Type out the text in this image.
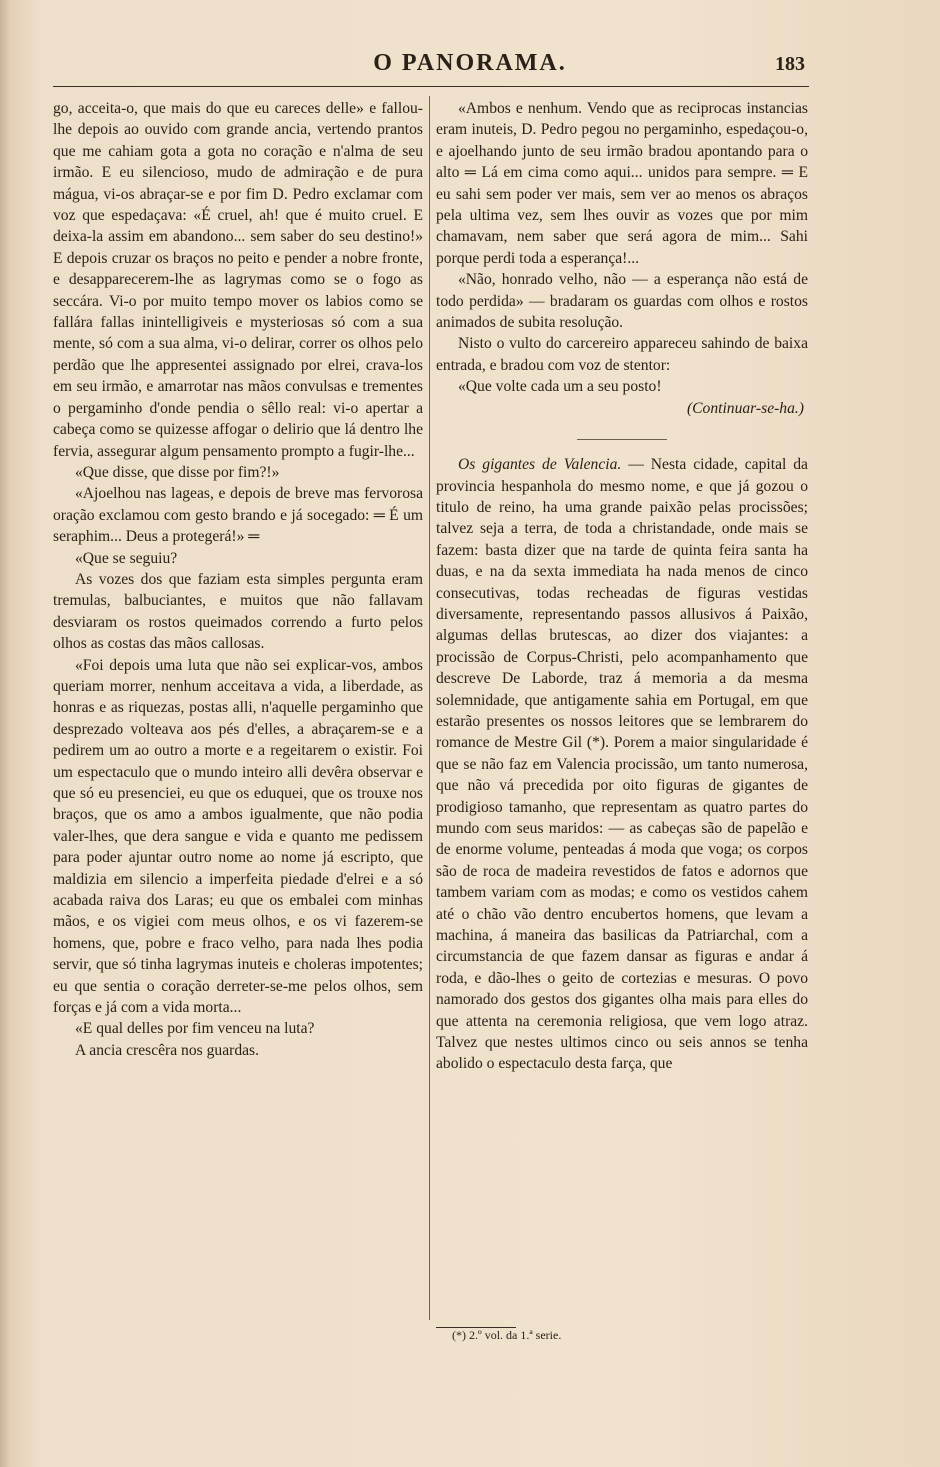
O PANORAMA.	183

go, acceita-o, que mais do que eu careces delle» e fallou-lhe depois ao ouvido com grande ancia, vertendo prantos que me cahiam gota a gota no coração e n'alma de seu irmão. E eu silencioso, mudo de admiração e de pura mágua, vi-os abraçar-se e por fim D. Pedro exclamar com voz que espedaçava: «É cruel, ah! que é muito cruel. E deixa-la assim em abandono... sem saber do seu destino!» E depois cruzar os braços no peito e pender a nobre fronte, e desapparecerem-lhe as lagrymas como se o fogo as seccára. Vi-o por muito tempo mover os labios como se fallára fallas inintelligiveis e mysteriosas só com a sua mente, só com a sua alma, vi-o delirar, correr os olhos pelo perdão que lhe appresentei assignado por elrei, crava-los em seu irmão, e amarrotar nas mãos convulsas e trementes o pergaminho d'onde pendia o sêllo real: vi-o apertar a cabeça como se quizesse affogar o delirio que lá dentro lhe fervia, assegurar algum pensamento prompto a fugir-lhe...

«Que disse, que disse por fim?!»

«Ajoelhou nas lageas, e depois de breve mas fervorosa oração exclamou com gesto brando e já socegado: ═ É um seraphim... Deus a protegerá!» ═

«Que se seguiu?

As vozes dos que faziam esta simples pergunta eram tremulas, balbuciantes, e muitos que não fallavam desviaram os rostos queimados correndo a furto pelos olhos as costas das mãos callosas.

«Foi depois uma luta que não sei explicar-vos, ambos queriam morrer, nenhum acceitava a vida, a liberdade, as honras e as riquezas, postas alli, n'aquelle pergaminho que desprezado volteava aos pés d'elles, a abraçarem-se e a pedirem um ao outro a morte e a regeitarem o existir. Foi um espectaculo que o mundo inteiro alli devêra observar e que só eu presenciei, eu que os eduquei, que os trouxe nos braços, que os amo a ambos igualmente, que não podia valer-lhes, que dera sangue e vida e quanto me pedissem para poder ajuntar outro nome ao nome já escripto, que maldizia em silencio a imperfeita piedade d'elrei e a só acabada raiva dos Laras; eu que os embalei com minhas mãos, e os vigiei com meus olhos, e os vi fazerem-se homens, que, pobre e fraco velho, para nada lhes podia servir, que só tinha lagrymas inuteis e choleras impotentes; eu que sentia o coração derreter-se-me pelos olhos, sem forças e já com a vida morta...

«E qual delles por fim venceu na luta?

A ancia crescêra nos guardas.

«Ambos e nenhum. Vendo que as reciprocas instancias eram inuteis, D. Pedro pegou no pergaminho, espedaçou-o, e ajoelhando junto de seu irmão bradou apontando para o alto ═ Lá em cima como aqui... unidos para sempre. ═ E eu sahi sem poder ver mais, sem ver ao menos os abraços pela ultima vez, sem lhes ouvir as vozes que por mim chamavam, nem saber que será agora de mim... Sahi porque perdi toda a esperança!...

«Não, honrado velho, não — a esperança não está de todo perdida» — bradaram os guardas com olhos e rostos animados de subita resolução.

Nisto o vulto do carcereiro appareceu sahindo de baixa entrada, e bradou com voz de stentor:

«Que volte cada um a seu posto!

(Continuar-se-ha.)

Os gigantes de Valencia. — Nesta cidade, capital da provincia hespanhola do mesmo nome, e que já gozou o titulo de reino, ha uma grande paixão pelas procissões; talvez seja a terra, de toda a christandade, onde mais se fazem: basta dizer que na tarde de quinta feira santa ha duas, e na da sexta immediata ha nada menos de cinco consecutivas, todas recheadas de figuras vestidas diversamente, representando passos allusivos á Paixão, algumas dellas brutescas, ao dizer dos viajantes: a procissão de Corpus-Christi, pelo acompanhamento que descreve De Laborde, traz á memoria a da mesma solemnidade, que antigamente sahia em Portugal, em que estarão presentes os nossos leitores que se lembrarem do romance de Mestre Gil (*). Porem a maior singularidade é que se não faz em Valencia procissão, um tanto numerosa, que não vá precedida por oito figuras de gigantes de prodigioso tamanho, que representam as quatro partes do mundo com seus maridos: — as cabeças são de papelão e de enorme volume, penteadas á moda que voga; os corpos são de roca de madeira revestidos de fatos e adornos que tambem variam com as modas; e como os vestidos cahem até o chão vão dentro encubertos homens, que levam a machina, á maneira das basilicas da Patriarchal, com a circumstancia de que fazem dansar as figuras e andar á roda, e dão-lhes o geito de cortezias e mesuras. O povo namorado dos gestos dos gigantes olha mais para elles do que attenta na ceremonia religiosa, que vem logo atraz. Talvez que nestes ultimos cinco ou seis annos se tenha abolido o espectaculo desta farça, que

(*) 2.º vol. da 1.ª serie.
